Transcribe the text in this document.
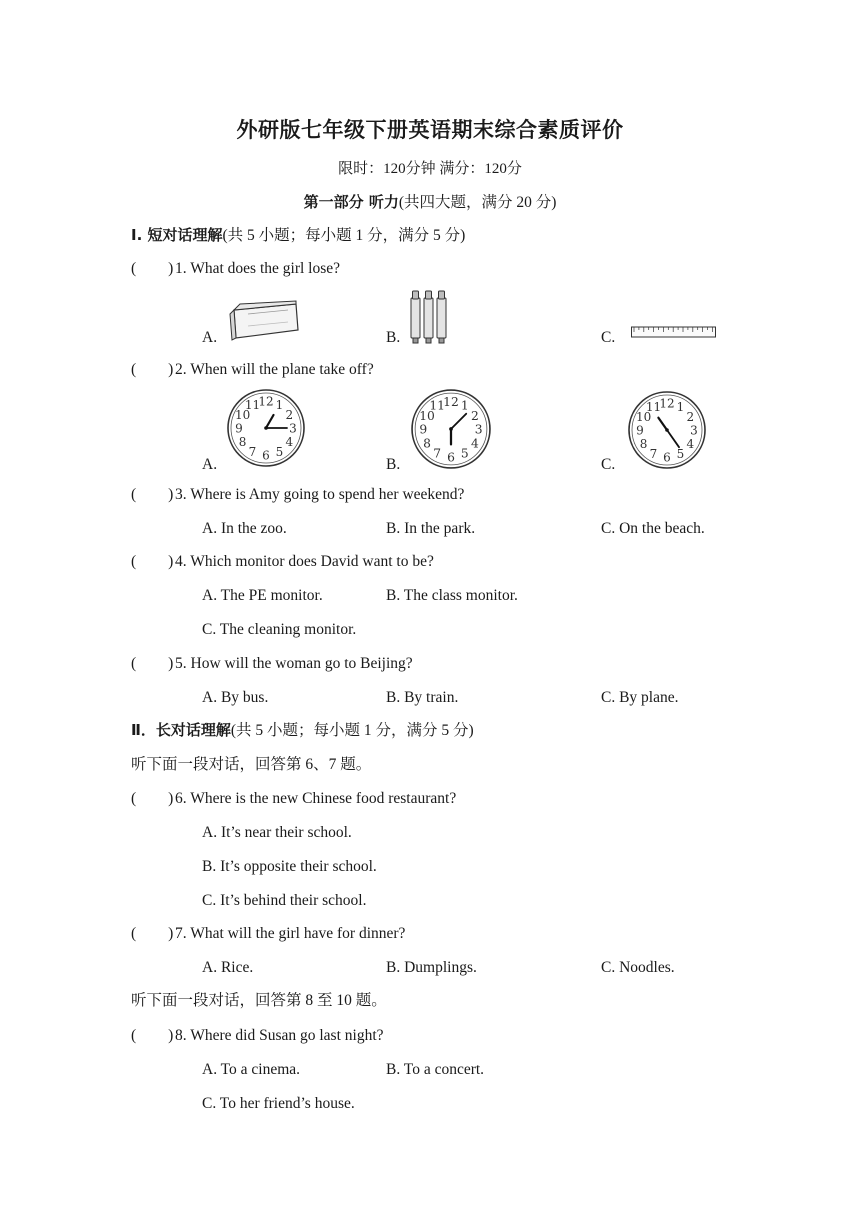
外研版七年级下册英语期末综合素质评价
限时：120分钟 满分：120分
第一部分 听力(共四大题，满分 20 分)
I. 短对话理解(共 5 小题；每小题 1 分，满分 5 分)
( ) 1. What does the girl lose?
A.	B.	C.
( ) 2. When will the plane take off?
A.	B.	C.
1
2
3
4
5
6
7
8
9
10
11
12	1
2
3
4
5
6
7
8
9
10
11
12	1
2
3
4
5
6
7
8
9
10
11
12
( ) 3. Where is Amy going to spend her weekend?
A. In the zoo.	B. In the park.	C. On the beach.
( ) 4. Which monitor does David want to be?
A. The PE monitor.	B. The class monitor.
C. The cleaning monitor.
( ) 5. How will the woman go to Beijing?
A. By bus.	B. By train.	C. By plane.
Ⅱ．长对话理解(共 5 小题；每小题 1 分，满分 5 分)
听下面一段对话，回答第 6、7 题。
( ) 6. Where is the new Chinese food restaurant?
A. It’s near their school.
B. It’s opposite their school.
C. It’s behind their school.
( ) 7. What will the girl have for dinner?
A. Rice.	B. Dumplings.	C. Noodles.
听下面一段对话，回答第 8 至 10 题。
( ) 8. Where did Susan go last night?
A. To a cinema.	B. To a concert.
C. To her friend’s house.
